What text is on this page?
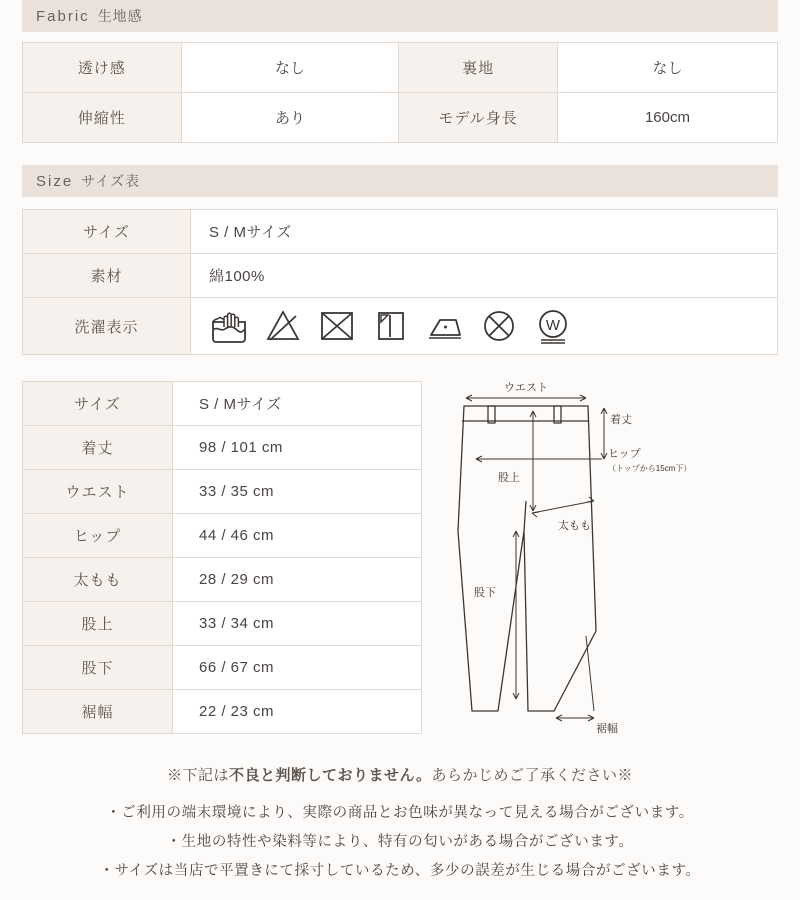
Fabric 生地感
透け感	なし	裏地	なし
伸縮性	あり	モデル身長	160cm
Size サイズ表
サイズ	S / Mサイズ
素材	綿100%
洗濯表示	W
サイズ	S / Mサイズ
着丈	98 / 101 cm
ウエスト	33 / 35 cm
ヒップ	44 / 46 cm
太もも	28 / 29 cm
股上	33 / 34 cm
股下	66 / 67 cm
裾幅	22 / 23 cm
ウエスト
着丈
ヒップ
（トップから15cm下）
股上
太もも
股下
裾幅
※下記は不良と判断しておりません。あらかじめご了承ください※
・ご利用の端末環境により、実際の商品とお色味が異なって見える場合がございます。
・生地の特性や染料等により、特有の匂いがある場合がございます。
・サイズは当店で平置きにて採寸しているため、多少の誤差が生じる場合がございます。
